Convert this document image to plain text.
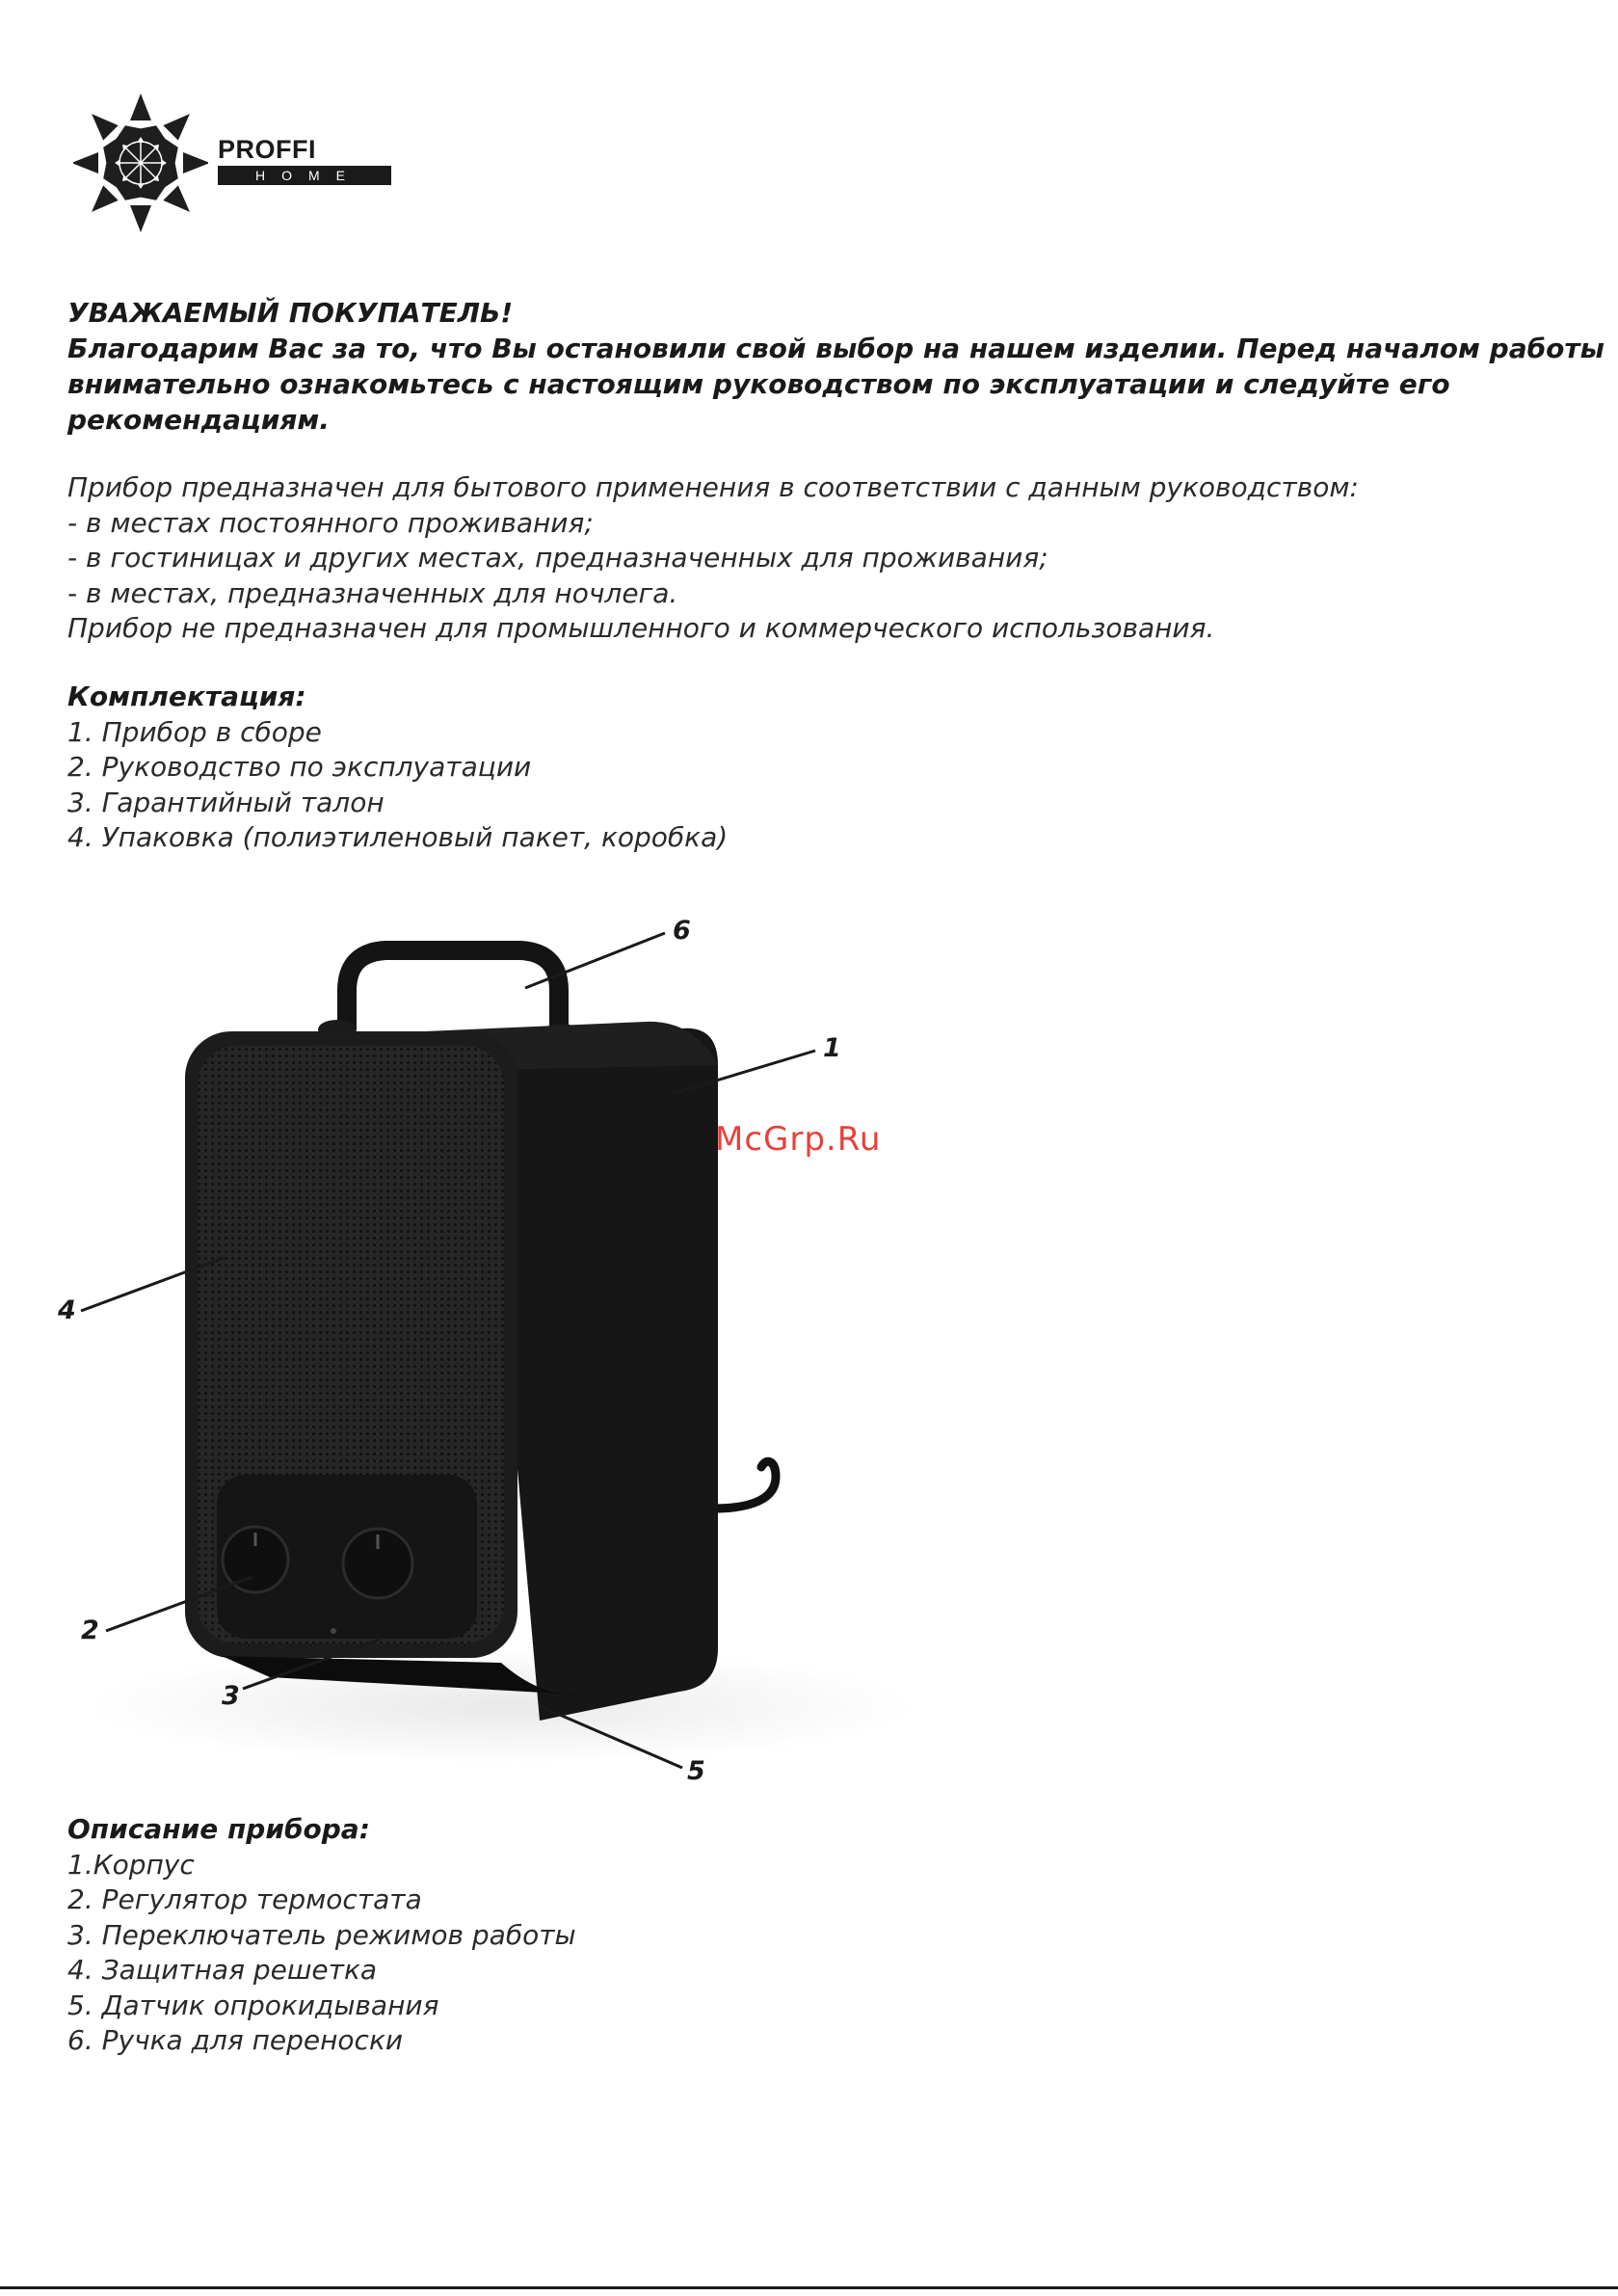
PROFFI
HOME
УВАЖАЕМЫЙ ПОКУПАТЕЛЬ!
Благодарим Вас за то, что Вы остановили свой выбор на нашем изделии. Перед началом работы
внимательно ознакомьтесь с настоящим руководством по эксплуатации и следуйте его
рекомендациям.
Прибор предназначен для бытового применения в соответствии с данным руководством:
- в местах постоянного проживания;
- в гостиницах и других местах, предназначенных для проживания;
- в местах, предназначенных для ночлега.
Прибор не предназначен для промышленного и коммерческого использования.
Комплектация:
1. Прибор в сборе
2. Руководство по эксплуатации
3. Гарантийный талон
4. Упаковка (полиэтиленовый пакет, коробка)
McGrp.Ru
6
1
4
2
3
5
Описание прибора:
1.Корпус
2. Регулятор термостата
3. Переключатель режимов работы
4. Защитная решетка
5. Датчик опрокидывания
6. Ручка для переноски
